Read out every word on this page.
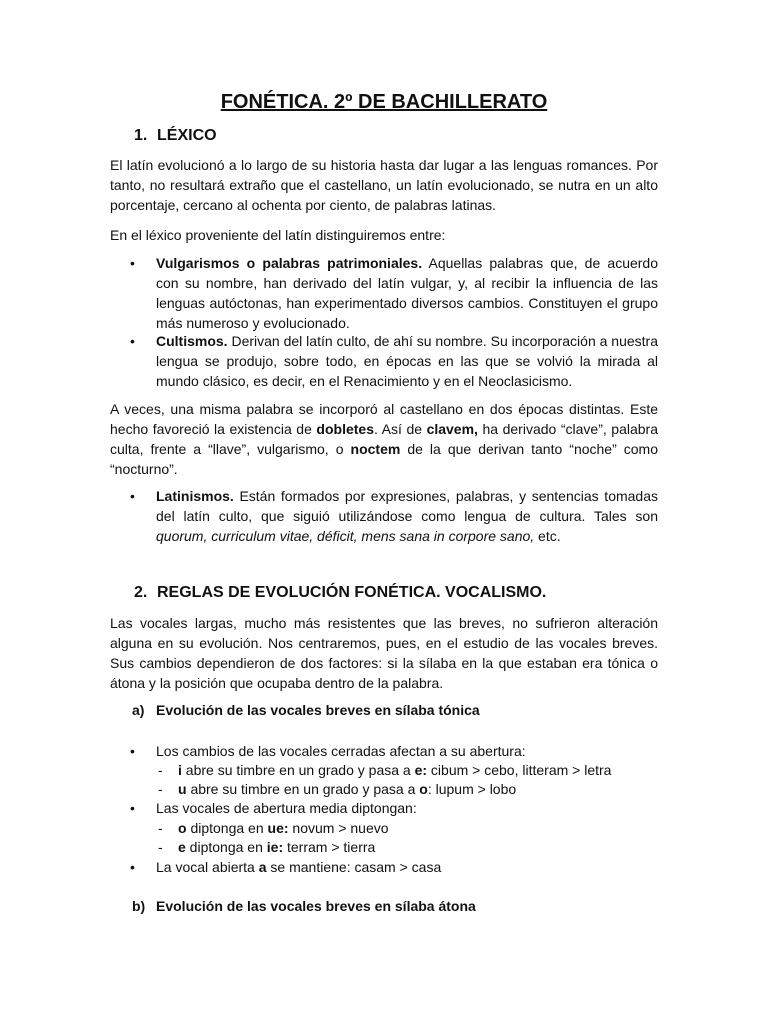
FONÉTICA. 2º DE BACHILLERATO
1. LÉXICO
El latín evolucionó a lo largo de su historia hasta dar lugar a las lenguas romances. Por tanto, no resultará extraño que el castellano, un latín evolucionado, se nutra en un alto porcentaje, cercano al ochenta por ciento, de palabras latinas.
En el léxico proveniente del latín distinguiremos entre:
• Vulgarismos o palabras patrimoniales. Aquellas palabras que, de acuerdo con su nombre, han derivado del latín vulgar, y, al recibir la influencia de las lenguas autóctonas, han experimentado diversos cambios. Constituyen el grupo más numeroso y evolucionado.
• Cultismos. Derivan del latín culto, de ahí su nombre. Su incorporación a nuestra lengua se produjo, sobre todo, en épocas en las que se volvió la mirada al mundo clásico, es decir, en el Renacimiento y en el Neoclasicismo.
A veces, una misma palabra se incorporó al castellano en dos épocas distintas. Este hecho favoreció la existencia de dobletes. Así de clavem, ha derivado “clave”, palabra culta, frente a “llave”, vulgarismo, o noctem de la que derivan tanto “noche” como “nocturno”.
• Latinismos. Están formados por expresiones, palabras, y sentencias tomadas del latín culto, que siguió utilizándose como lengua de cultura. Tales son quorum, curriculum vitae, déficit, mens sana in corpore sano, etc.
2. REGLAS DE EVOLUCIÓN FONÉTICA. VOCALISMO.
Las vocales largas, mucho más resistentes que las breves, no sufrieron alteración alguna en su evolución. Nos centraremos, pues, en el estudio de las vocales breves. Sus cambios dependieron de dos factores: si la sílaba en la que estaban era tónica o átona y la posición que ocupaba dentro de la palabra.
a) Evolución de las vocales breves en sílaba tónica
• Los cambios de las vocales cerradas afectan a su abertura:
- i abre su timbre en un grado y pasa a e: cibum > cebo, litteram > letra
- u abre su timbre en un grado y pasa a o: lupum > lobo
• Las vocales de abertura media diptongan:
- o diptonga en ue: novum > nuevo
- e diptonga en ie: terram > tierra
• La vocal abierta a se mantiene: casam > casa
b) Evolución de las vocales breves en sílaba átona
